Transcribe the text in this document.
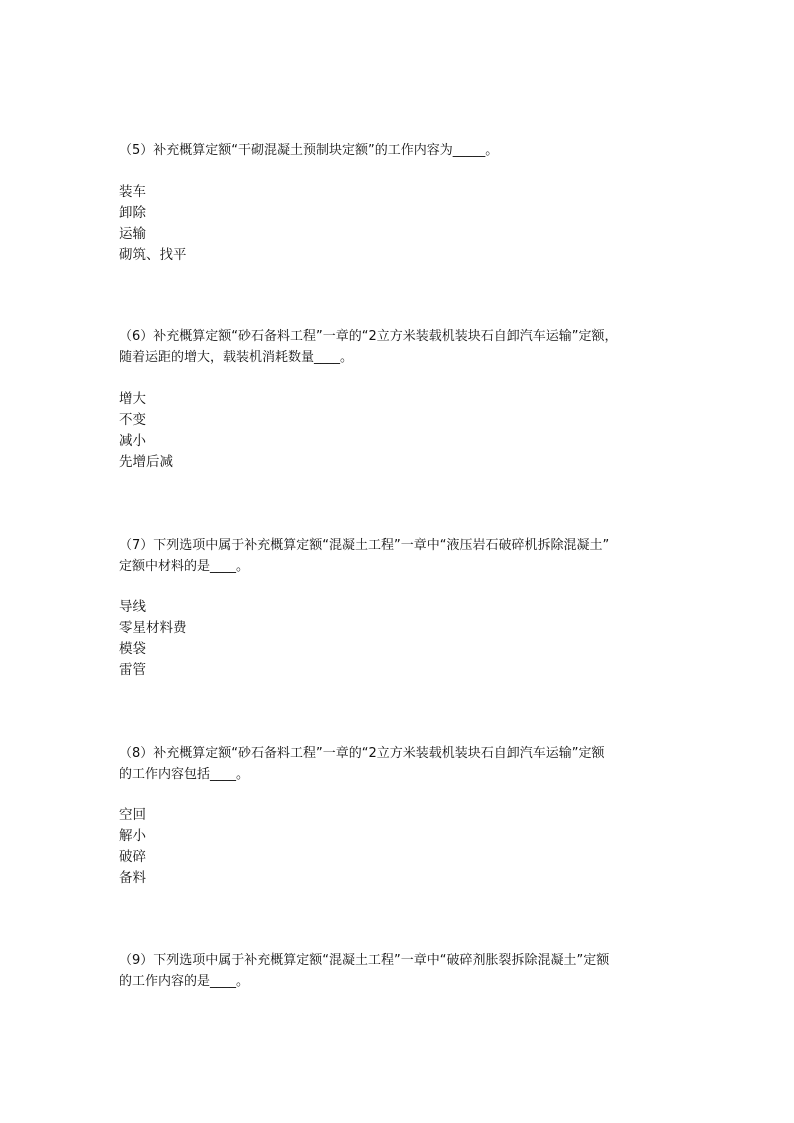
（5）补充概算定额“干砌混凝土预制块定额”的工作内容为_____。

装车
卸除
运输
砌筑、找平

（6）补充概算定额“砂石备料工程”一章的“2立方米装载机装块石自卸汽车运输”定额，
随着运距的增大，载装机消耗数量____。

增大
不变
减小
先增后减

（7）下列选项中属于补充概算定额“混凝土工程”一章中“液压岩石破碎机拆除混凝土”
定额中材料的是____。

导线
零星材料费
模袋
雷管

（8）补充概算定额“砂石备料工程”一章的“2立方米装载机装块石自卸汽车运输”定额
的工作内容包括____。

空回
解小
破碎
备料

（9）下列选项中属于补充概算定额“混凝土工程”一章中“破碎剂胀裂拆除混凝土”定额
的工作内容的是____。
